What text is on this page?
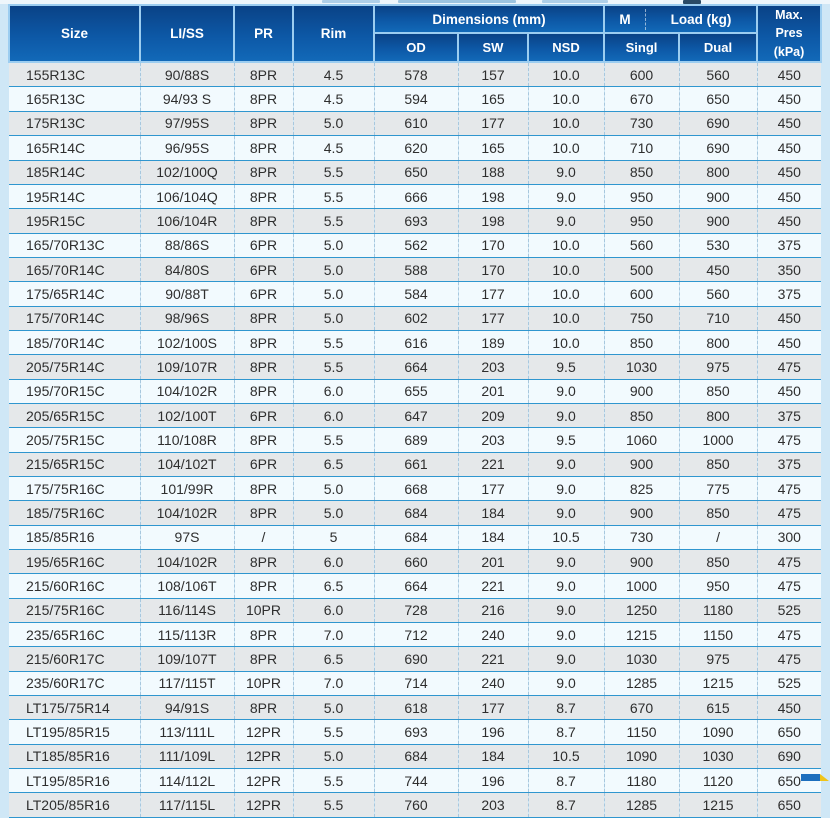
Size	LI/SS	PR	Rim	Dimensions (mm)			M Load (kg)		Max.
Pres
(kPa)

				OD	SW	NSD	Singl	Dual	
155R13C	90/88S	8PR	4.5	578	157	10.0	600	560	450
165R13C	94/93 S	8PR	4.5	594	165	10.0	670	650	450
175R13C	97/95S	8PR	5.0	610	177	10.0	730	690	450
165R14C	96/95S	8PR	4.5	620	165	10.0	710	690	450
185R14C	102/100Q	8PR	5.5	650	188	9.0	850	800	450
195R14C	106/104Q	8PR	5.5	666	198	9.0	950	900	450
195R15C	106/104R	8PR	5.5	693	198	9.0	950	900	450
165/70R13C	88/86S	6PR	5.0	562	170	10.0	560	530	375
165/70R14C	84/80S	6PR	5.0	588	170	10.0	500	450	350
175/65R14C	90/88T	6PR	5.0	584	177	10.0	600	560	375
175/70R14C	98/96S	8PR	5.0	602	177	10.0	750	710	450
185/70R14C	102/100S	8PR	5.5	616	189	10.0	850	800	450
205/75R14C	109/107R	8PR	5.5	664	203	9.5	1030	975	475
195/70R15C	104/102R	8PR	6.0	655	201	9.0	900	850	450
205/65R15C	102/100T	6PR	6.0	647	209	9.0	850	800	375
205/75R15C	110/108R	8PR	5.5	689	203	9.5	1060	1000	475
215/65R15C	104/102T	6PR	6.5	661	221	9.0	900	850	375
175/75R16C	101/99R	8PR	5.0	668	177	9.0	825	775	475
185/75R16C	104/102R	8PR	5.0	684	184	9.0	900	850	475
185/85R16	97S	/	5	684	184	10.5	730	/	300
195/65R16C	104/102R	8PR	6.0	660	201	9.0	900	850	475
215/60R16C	108/106T	8PR	6.5	664	221	9.0	1000	950	475
215/75R16C	116/114S	10PR	6.0	728	216	9.0	1250	1180	525
235/65R16C	115/113R	8PR	7.0	712	240	9.0	1215	1150	475
215/60R17C	109/107T	8PR	6.5	690	221	9.0	1030	975	475
235/60R17C	117/115T	10PR	7.0	714	240	9.0	1285	1215	525
LT175/75R14	94/91S	8PR	5.0	618	177	8.7	670	615	450
LT195/85R15	113/111L	12PR	5.5	693	196	8.7	1150	1090	650
LT185/85R16	111/109L	12PR	5.0	684	184	10.5	1090	1030	690
LT195/85R16	114/112L	12PR	5.5	744	196	8.7	1180	1120	650
LT205/85R16	117/115L	12PR	5.5	760	203	8.7	1285	1215	650
